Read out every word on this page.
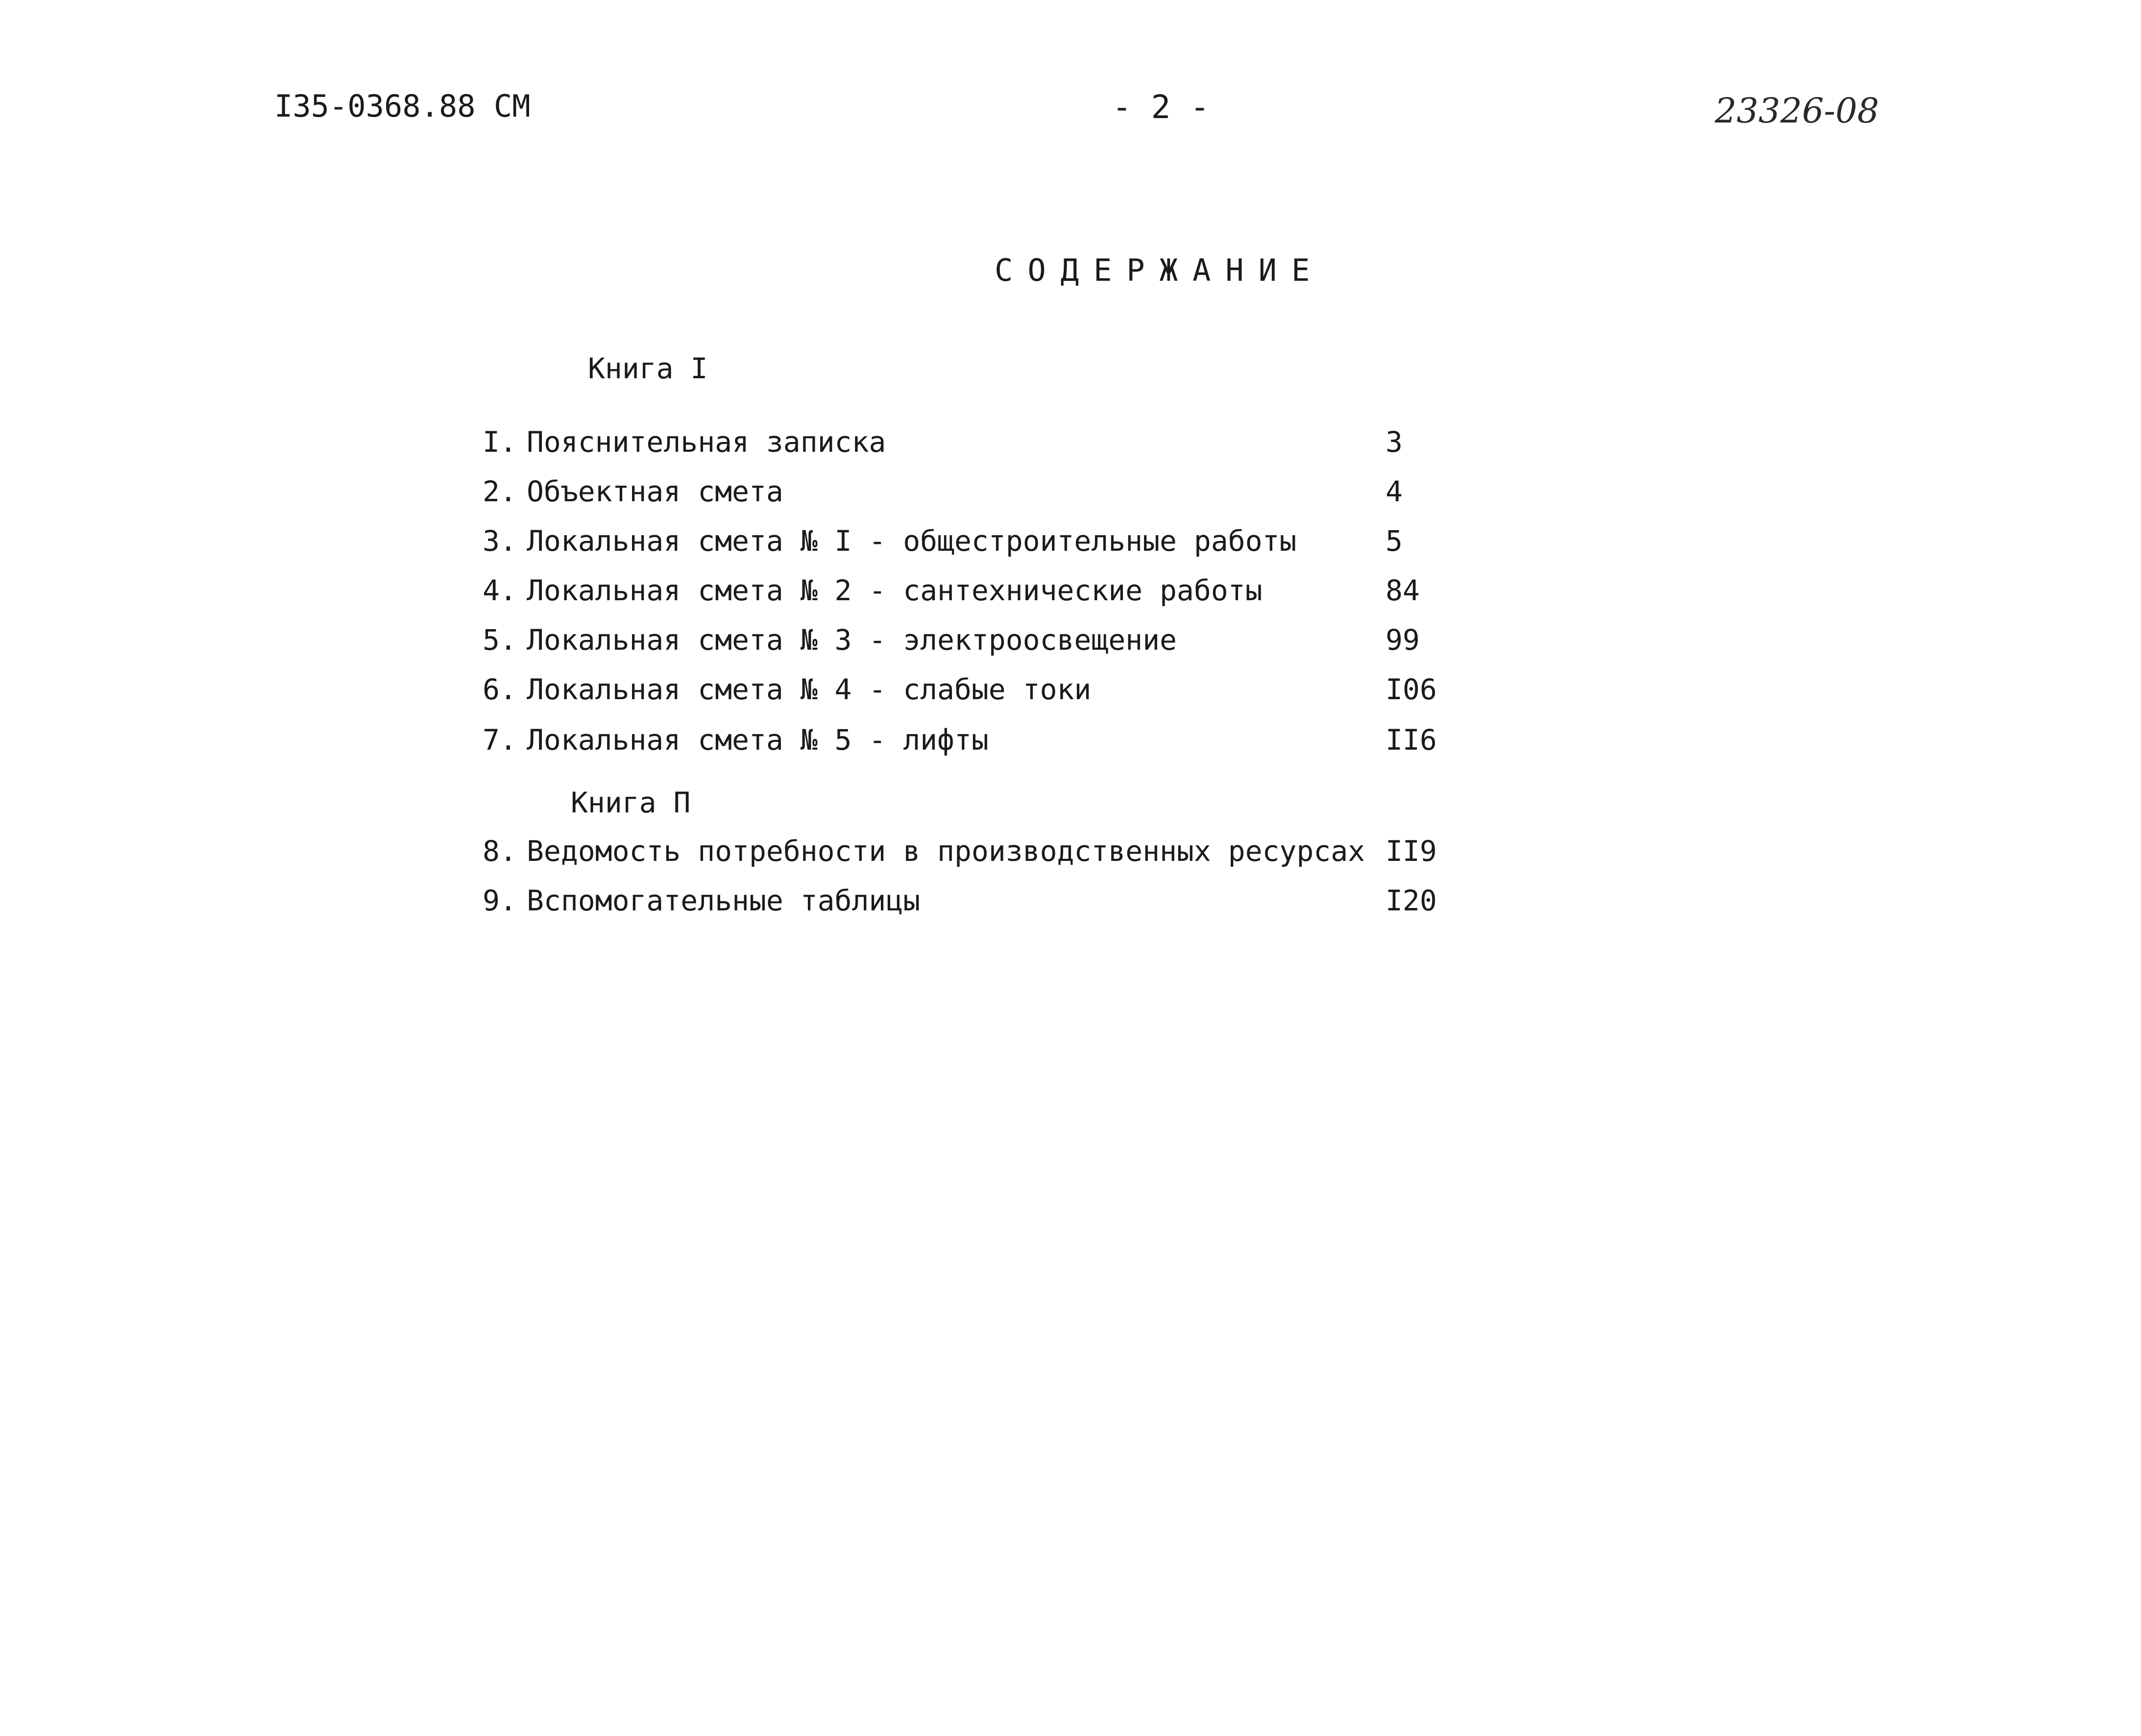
I35-0368.88 СМ	- 2 -	23326-08
СОДЕРЖАНИЕ
Книга I
I. Пояснительная записка	3
2. Объектная смета	4
3. Локальная смета № I - общестроительные работы	5
4. Локальная смета № 2 - сантехнические работы	84
5. Локальная смета № 3 - электроосвещение	99
6. Локальная смета № 4 - слабые токи	I06
7. Локальная смета № 5 - лифты	II6
Книга П
8. Ведомость потребности в производственных ресурсах II9
9. Вспомогательные таблицы	I20
